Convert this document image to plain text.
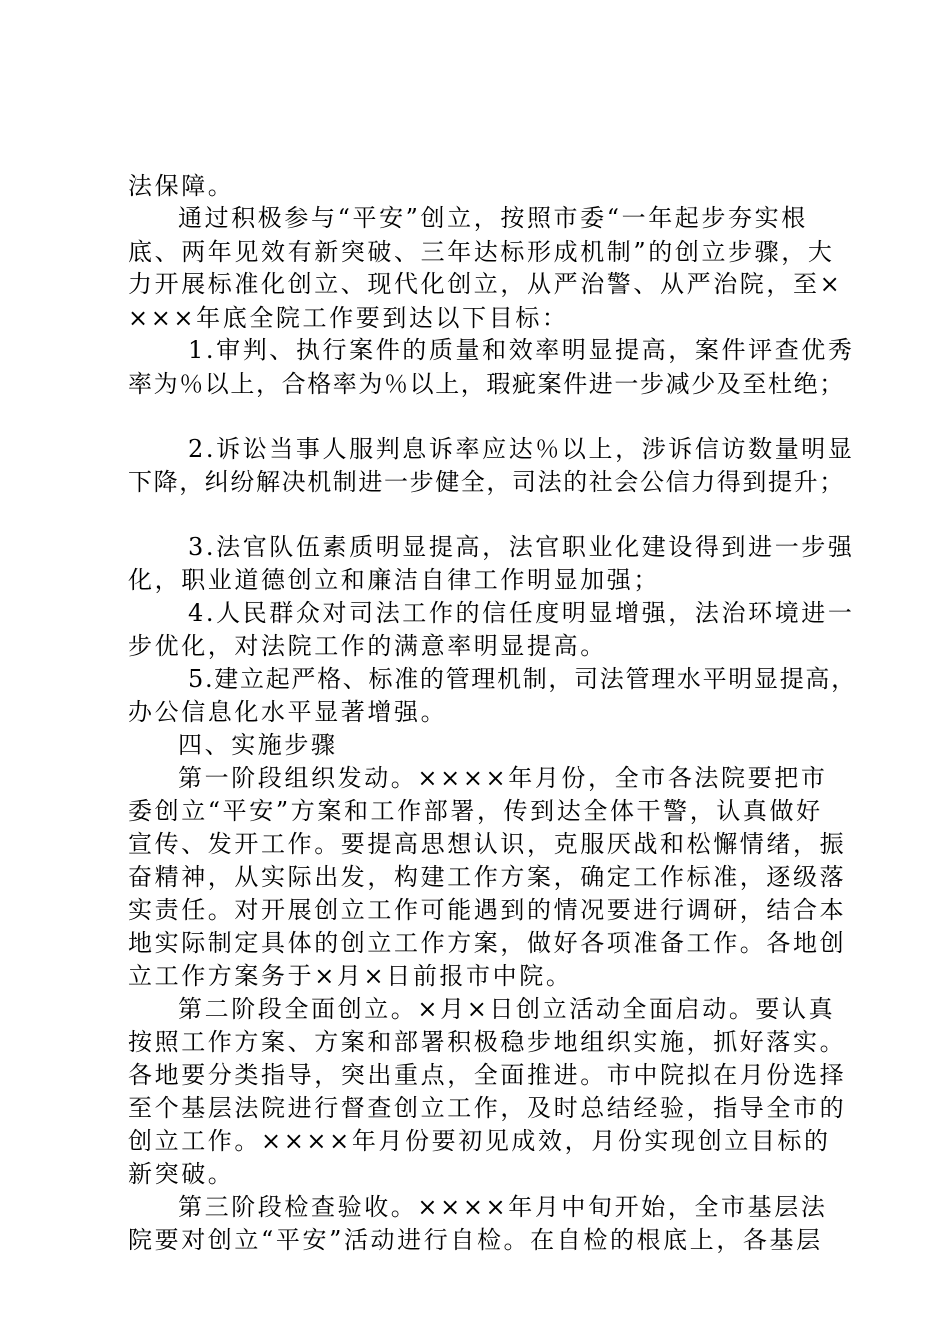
法保障。
通过积极参与“平安”创立，按照市委“一年起步夯实根
底、两年见效有新突破、三年达标形成机制”的创立步骤，大
力开展标准化创立、现代化创立，从严治警、从严治院，至×
×××年底全院工作要到达以下目标：
1.审判、执行案件的质量和效率明显提高，案件评查优秀
率为％以上，合格率为％以上，瑕疵案件进一步减少及至杜绝；
2.诉讼当事人服判息诉率应达％以上，涉诉信访数量明显
下降，纠纷解决机制进一步健全，司法的社会公信力得到提升；
3.法官队伍素质明显提高，法官职业化建设得到进一步强
化，职业道德创立和廉洁自律工作明显加强；
4.人民群众对司法工作的信任度明显增强，法治环境进一
步优化，对法院工作的满意率明显提高。
5.建立起严格、标准的管理机制，司法管理水平明显提高，
办公信息化水平显著增强。
四、实施步骤
第一阶段组织发动。××××年月份，全市各法院要把市
委创立“平安”方案和工作部署，传到达全体干警，认真做好
宣传、发开工作。要提高思想认识，克服厌战和松懈情绪，振
奋精神，从实际出发，构建工作方案，确定工作标准，逐级落
实责任。对开展创立工作可能遇到的情况要进行调研，结合本
地实际制定具体的创立工作方案，做好各项准备工作。各地创
立工作方案务于×月×日前报市中院。
第二阶段全面创立。×月×日创立活动全面启动。要认真
按照工作方案、方案和部署积极稳步地组织实施，抓好落实。
各地要分类指导，突出重点，全面推进。市中院拟在月份选择
至个基层法院进行督查创立工作，及时总结经验，指导全市的
创立工作。××××年月份要初见成效，月份实现创立目标的
新突破。
第三阶段检查验收。××××年月中旬开始，全市基层法
院要对创立“平安”活动进行自检。在自检的根底上，各基层
